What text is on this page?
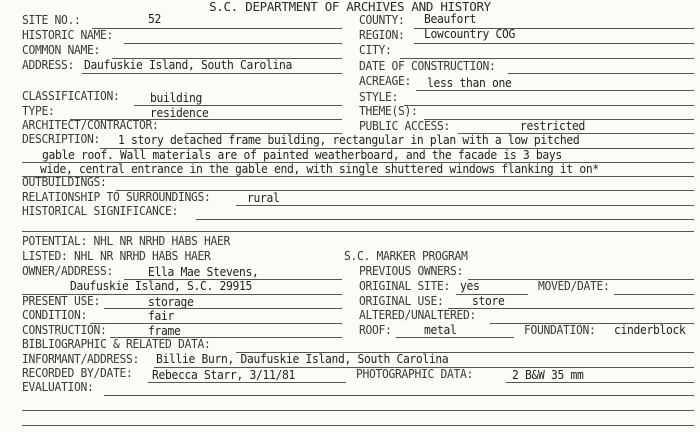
S.C. DEPARTMENT OF ARCHIVES AND HISTORY
SITE NO.:	52	COUNTY: Beaufort
HISTORIC NAME:	REGION: Lowcountry COG
COMMON NAME:	CITY:
ADDRESS: Daufuskie Island, South Carolina	DATE OF CONSTRUCTION:
ACREAGE: less than one
CLASSIFICATION:	building	STYLE:
TYPE:	residence	THEME(S):
ARCHITECT/CONTRACTOR:	PUBLIC ACCESS:	restricted
DESCRIPTION: 1 story detached frame building, rectangular in plan with a low pitched
gable roof. Wall materials are of painted weatherboard, and the facade is 3 bays
wide, central entrance in the gable end, with single shuttered windows flanking it on*
OUTBUILDINGS:
RELATIONSHIP TO SURROUNDINGS:	rural
HISTORICAL SIGNIFICANCE:
POTENTIAL: NHL NR NRHD HABS HAER
LISTED: NHL NR NRHD HABS HAER	S.C. MARKER PROGRAM
OWNER/ADDRESS:	Ella Mae Stevens,	PREVIOUS OWNERS:
Daufuskie Island, S.C. 29915	ORIGINAL SITE: yes	MOVED/DATE:
PRESENT USE:	storage	ORIGINAL USE: store
CONDITION:	fair	ALTERED/UNALTERED:
CONSTRUCTION:	frame	ROOF:	metal	FOUNDATION: cinderblock
BIBLIOGRAPHIC & RELATED DATA:
INFORMANT/ADDRESS: Billie Burn, Daufuskie Island, South Carolina
RECORDED BY/DATE: Rebecca Starr, 3/11/81	PHOTOGRAPHIC DATA:	2 B&W 35 mm
EVALUATION:
